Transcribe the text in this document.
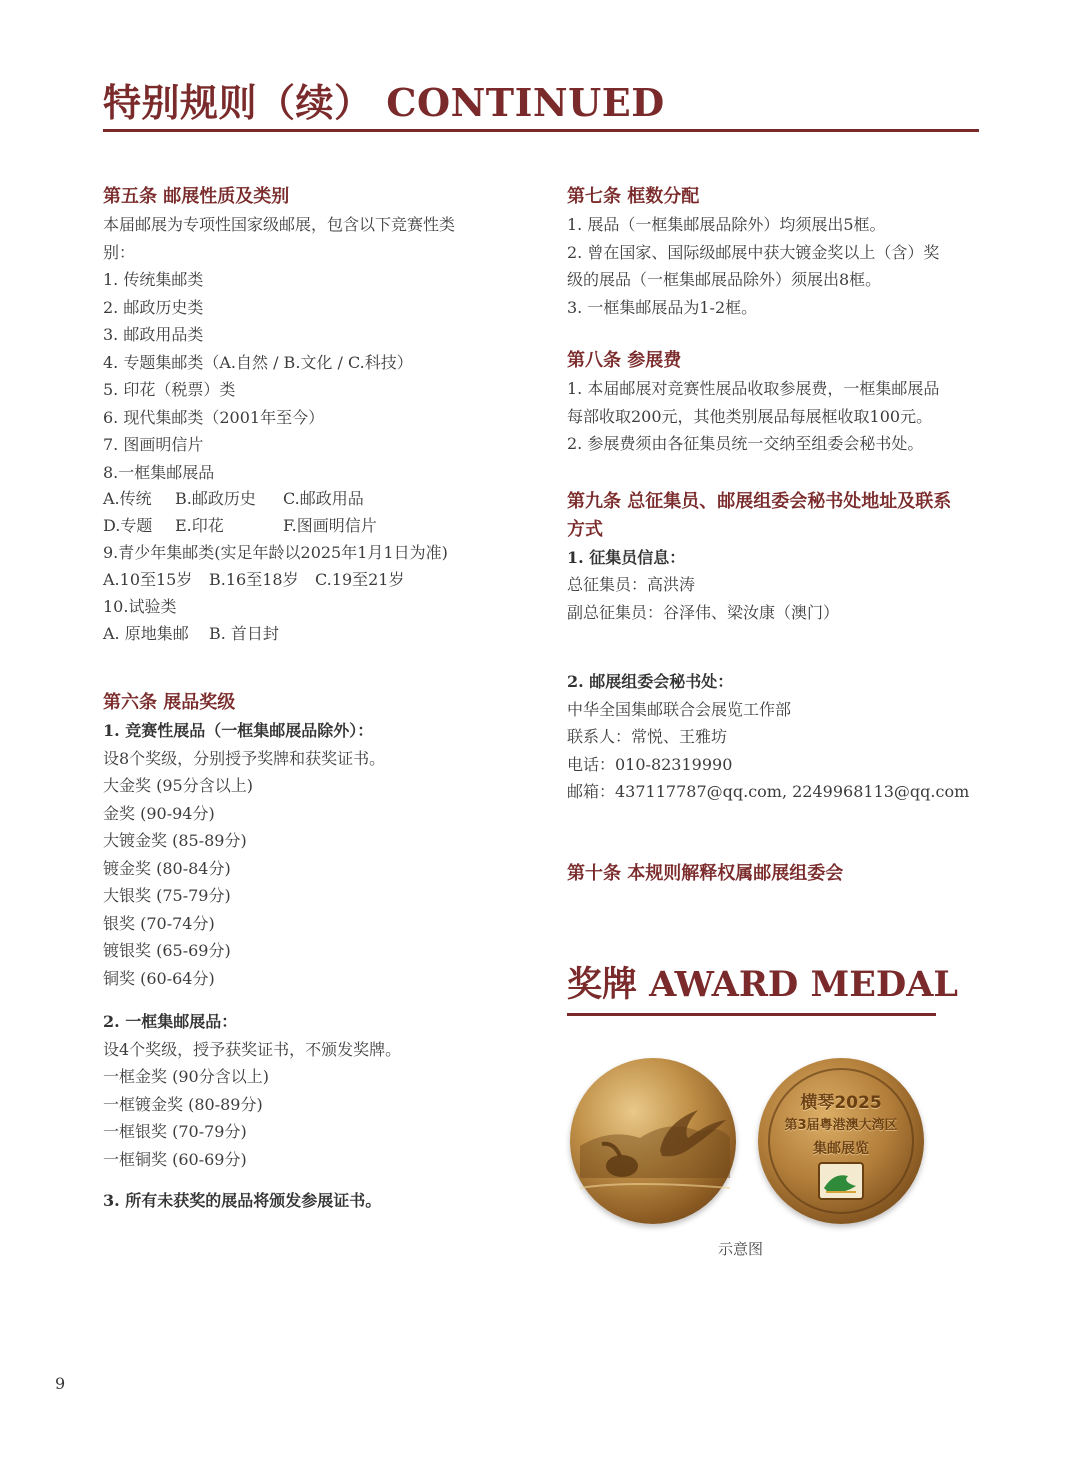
特别规则（续） CONTINUED
第五条 邮展性质及类别
本届邮展为专项性国家级邮展，包含以下竞赛性类
别：
1. 传统集邮类
2. 邮政历史类
3. 邮政用品类
4. 专题集邮类（A.自然 / B.文化 / C.科技）
5. 印花（税票）类
6. 现代集邮类（2001年至今）
7. 图画明信片
8.一框集邮展品
A.传统	B.邮政历史	C.邮政用品
D.专题	E.印花	F.图画明信片
9.青少年集邮类(实足年龄以2025年1月1日为准)
A.10至15岁	B.16至18岁	C.19至21岁
10.试验类
A. 原地集邮	B. 首日封
第六条 展品奖级
1. 竞赛性展品（一框集邮展品除外）：
设8个奖级，分别授予奖牌和获奖证书。
大金奖 (95分含以上)
金奖 (90-94分)
大镀金奖 (85-89分)
镀金奖 (80-84分)
大银奖 (75-79分)
银奖 (70-74分)
镀银奖 (65-69分)
铜奖 (60-64分)
2. 一框集邮展品：
设4个奖级，授予获奖证书，不颁发奖牌。
一框金奖 (90分含以上)
一框镀金奖 (80-89分)
一框银奖 (70-79分)
一框铜奖 (60-69分)
3. 所有未获奖的展品将颁发参展证书。
第七条 框数分配
1. 展品（一框集邮展品除外）均须展出5框。
2. 曾在国家、国际级邮展中获大镀金奖以上（含）奖
级的展品（一框集邮展品除外）须展出8框。
3. 一框集邮展品为1-2框。
第八条 参展费
1. 本届邮展对竞赛性展品收取参展费，一框集邮展品
每部收取200元，其他类别展品每展框收取100元。
2. 参展费须由各征集员统一交纳至组委会秘书处。
第九条 总征集员、邮展组委会秘书处地址及联系
方式
1. 征集员信息：
总征集员：高洪涛
副总征集员：谷泽伟、梁汝康（澳门）
2. 邮展组委会秘书处：
中华全国集邮联合会展览工作部
联系人：常悦、王雅坊
电话：010-82319990
邮箱：437117787@qq.com, 2249968113@qq.com
第十条 本规则解释权属邮展组委会
奖牌 AWARD MEDAL
横琴2025
第3届粤港澳大湾区
集邮展览
示意图
9
